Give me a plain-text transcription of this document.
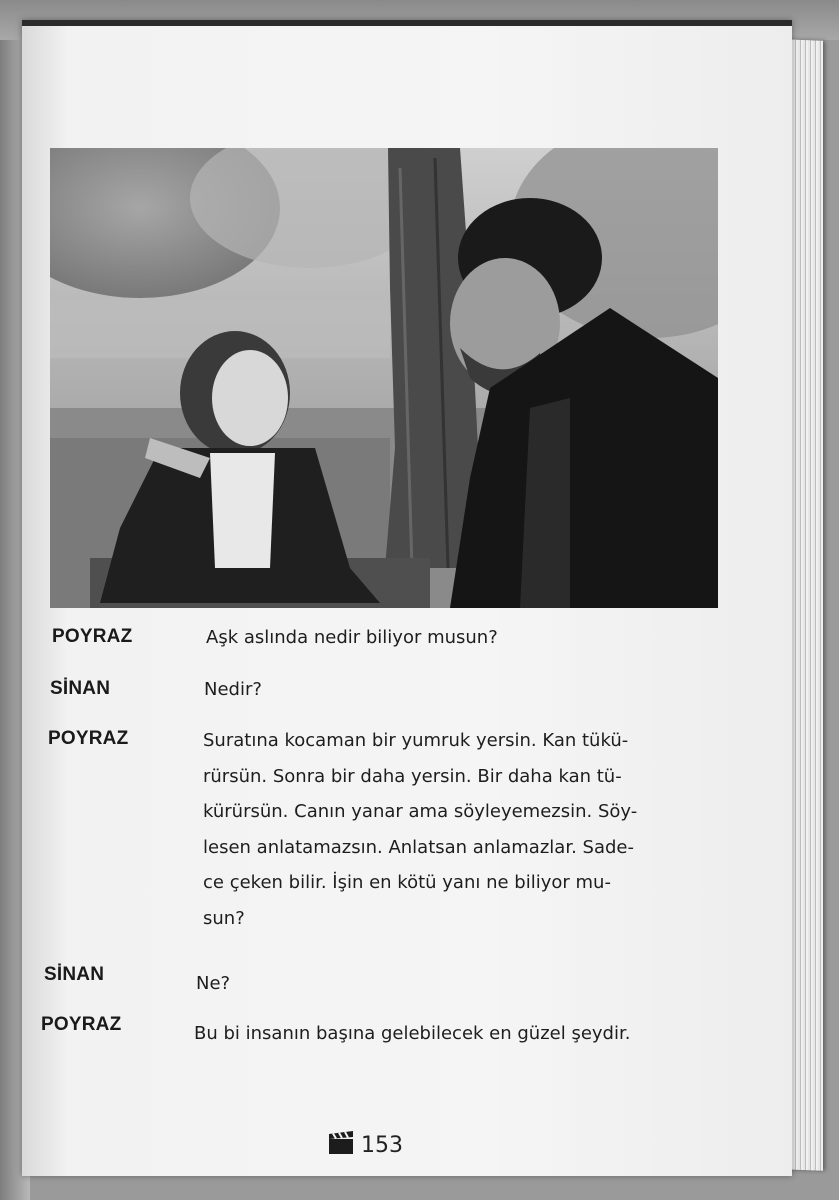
POYRAZ	Aşk aslında nedir biliyor musun?
SİNAN	Nedir?
POYRAZ	Suratına kocaman bir yumruk yersin. Kan tükü-
rürsün. Sonra bir daha yersin. Bir daha kan tü-
kürürsün. Canın yanar ama söyleyemezsin. Söy-
lesen anlatamazsın. Anlatsan anlamazlar. Sade-
ce çeken bilir. İşin en kötü yanı ne biliyor mu-
sun?
SİNAN	Ne?
POYRAZ	Bu bi insanın başına gelebilecek en güzel şeydir.
153
